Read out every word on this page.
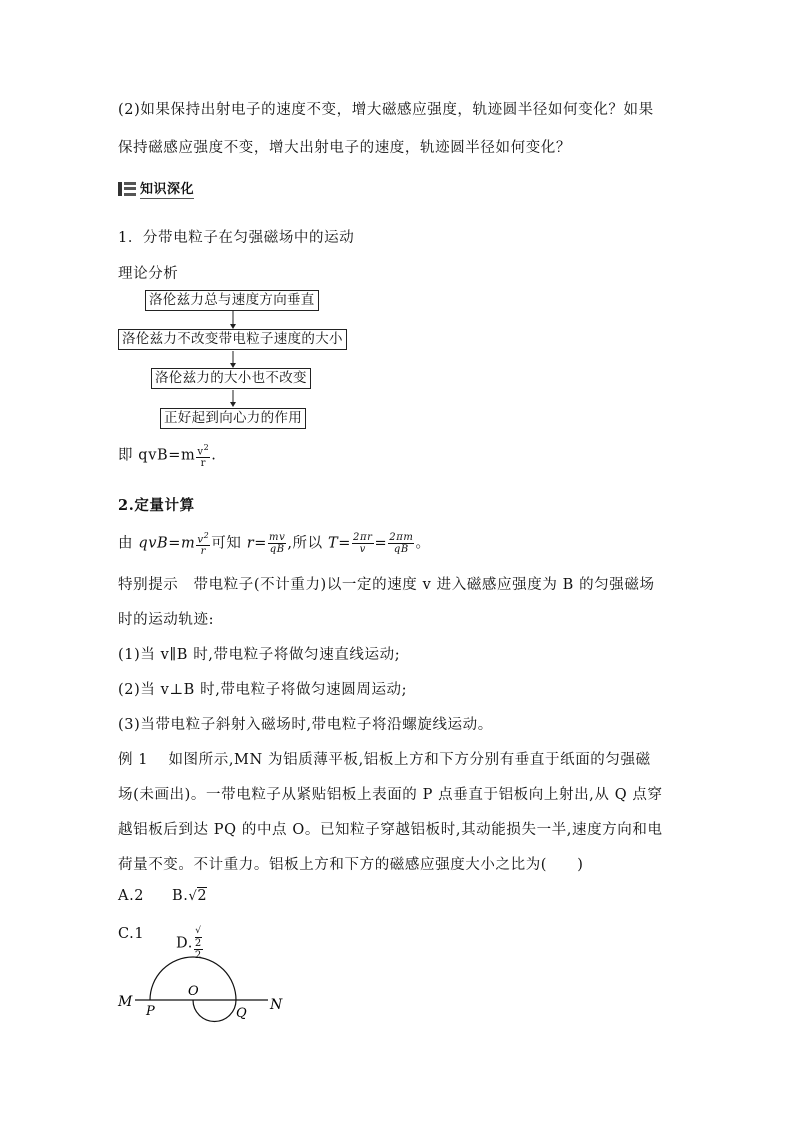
(2)如果保持出射电子的速度不变，增大磁感应强度，轨迹圆半径如何变化？如果
保持磁感应强度不变，增大出射电子的速度，轨迹圆半径如何变化？
知识深化
1．分带电粒子在匀强磁场中的运动
理论分析
洛伦兹力总与速度方向垂直
洛伦兹力不改变带电粒子速度的大小
洛伦兹力的大小也不改变
正好起到向心力的作用
即 $qvB=m \frac{v^2}{r}$ .
2.定量计算
由 $qvB=m \frac{v^2}{r}$ 可知 $r= \frac{mv}{qB}$ ,所以 $T= \frac{2\pi r}{v} = \frac{2\pi m}{qB}$ 。
特别提示　带电粒子(不计重力)以一定的速度 v 进入磁感应强度为 B 的匀强磁场
时的运动轨迹:
(1)当 v∥B 时,带电粒子将做匀速直线运动;
(2)当 v⊥B 时,带电粒子将做匀速圆周运动;
(3)当带电粒子斜射入磁场时,带电粒子将沿螺旋线运动。
例 1　 如图所示,MN 为铝质薄平板,铝板上方和下方分别有垂直于纸面的匀强磁
场(未画出)。一带电粒子从紧贴铝板上表面的 P 点垂直于铝板向上射出,从 Q 点穿
越铝板后到达 PQ 的中点 O。已知粒子穿越铝板时,其动能损失一半,速度方向和电
荷量不变。不计重力。铝板上方和下方的磁感应强度大小之比为(　　)
A.2 B.√2
C.1
D. √
2
2
M	N
O
P	Q
